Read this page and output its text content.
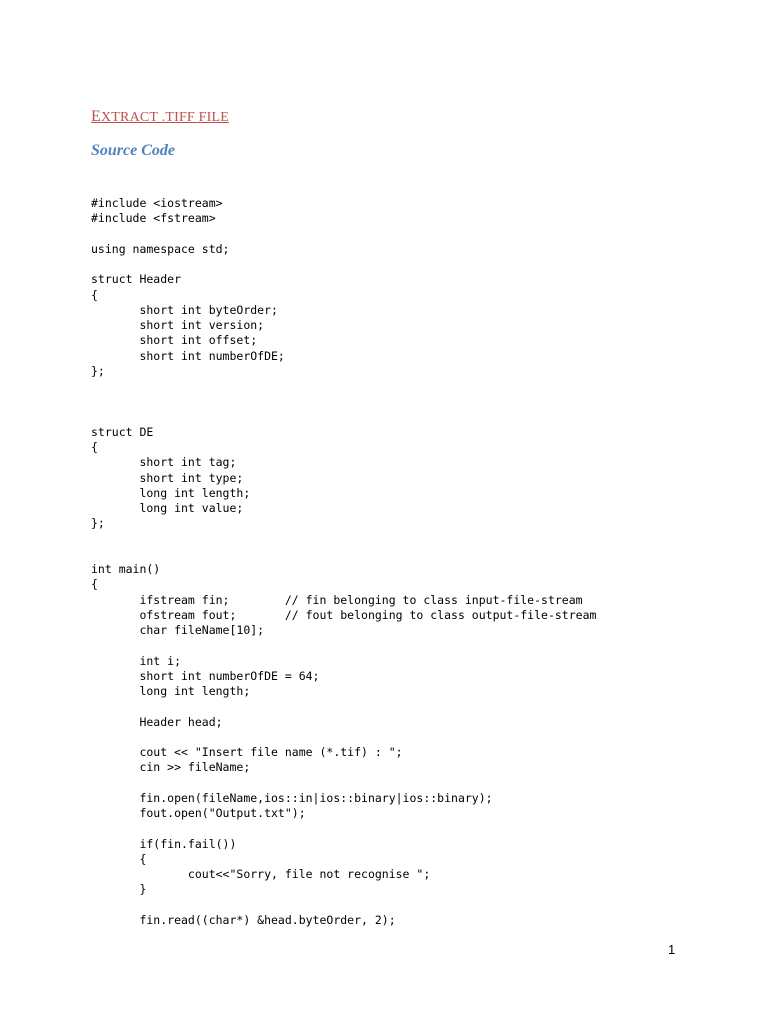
EXTRACT .TIFF FILE
Source Code
#include <iostream>
#include <fstream>
using namespace std;
struct Header
{
short int byteOrder;
short int version;
short int offset;
short int numberOfDE;
};
struct DE
{
short int tag;
short int type;
long int length;
long int value;
};
int main()
{
ifstream fin;        // fin belonging to class input-file-stream
ofstream fout;       // fout belonging to class output-file-stream
char fileName[10];
int i;
short int numberOfDE = 64;
long int length;
Header head;
cout << "Insert file name (*.tif) : ";
cin >> fileName;
fin.open(fileName,ios::in|ios::binary|ios::binary);
fout.open("Output.txt");
if(fin.fail())
{
cout<<"Sorry, file not recognise ";
}
fin.read((char*) &head.byteOrder, 2);
1
